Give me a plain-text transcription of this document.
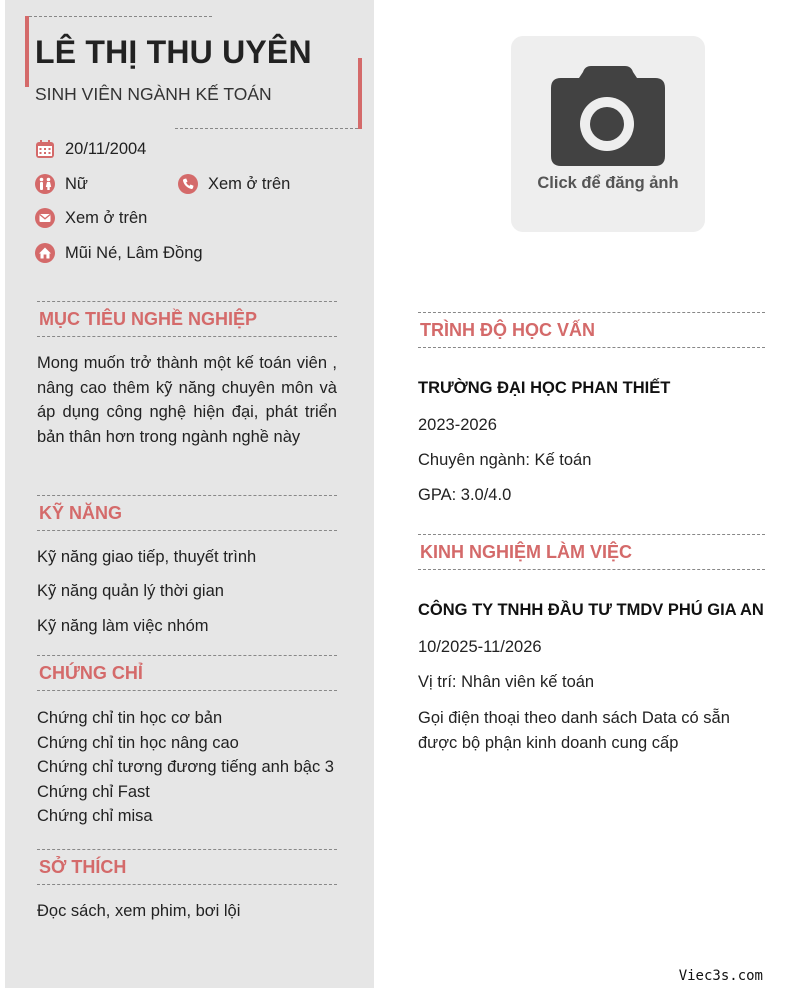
LÊ THỊ THU UYÊN
SINH VIÊN NGÀNH KẾ TOÁN
20/11/2004
Nữ	Xem ở trên
Xem ở trên
Mũi Né, Lâm Đồng
MỤC TIÊU NGHỀ NGHIỆP
Mong muốn trở thành một kế toán viên , nâng cao thêm kỹ năng chuyên môn và áp dụng công nghệ hiện đại, phát triển bản thân hơn trong ngành nghề này
KỸ NĂNG
Kỹ năng giao tiếp, thuyết trình
Kỹ năng quản lý thời gian
Kỹ năng làm việc nhóm
CHỨNG CHỈ
Chứng chỉ tin học cơ bản
Chứng chỉ tin học nâng cao
Chứng chỉ tương đương tiếng anh bậc 3
Chứng chỉ Fast
Chứng chỉ misa
SỞ THÍCH
Đọc sách, xem phim, bơi lội
Click để đăng ảnh
TRÌNH ĐỘ HỌC VẤN
TRƯỜNG ĐẠI HỌC PHAN THIẾT
2023-2026
Chuyên ngành: Kế toán
GPA: 3.0/4.0
KINH NGHIỆM LÀM VIỆC
CÔNG TY TNHH ĐẦU TƯ TMDV PHÚ GIA AN
10/2025-11/2026
Vị trí: Nhân viên kế toán
Gọi điện thoại theo danh sách Data có sẵn được bộ phận kinh doanh cung cấp
Viec3s.com
